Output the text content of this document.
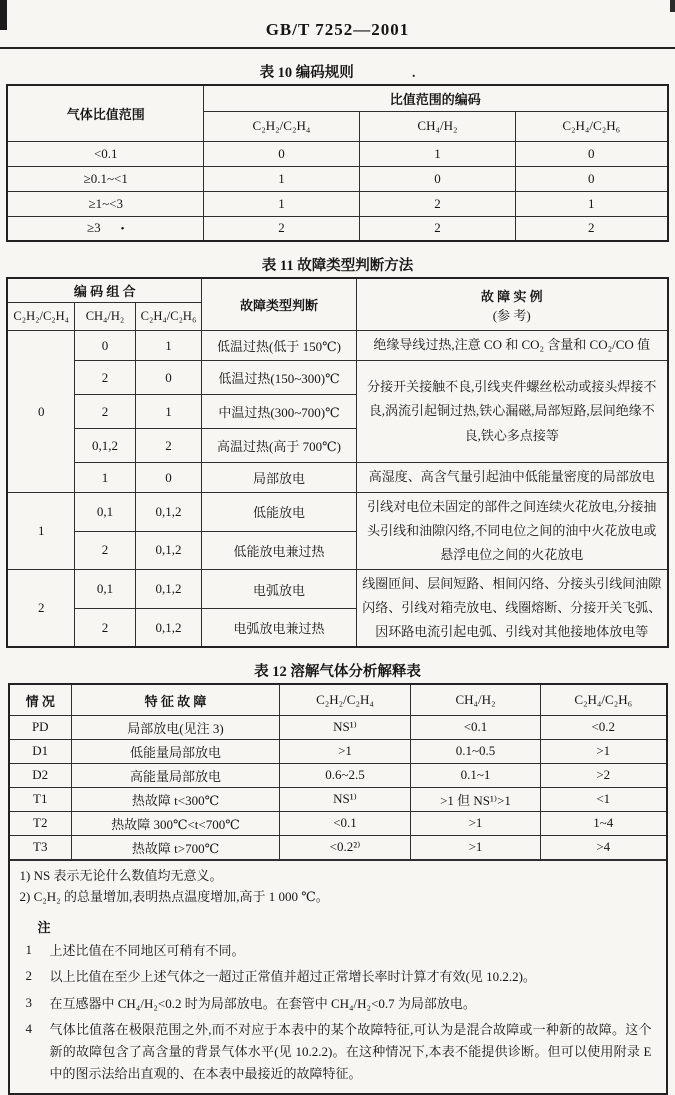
GB/T 7252—2001
表 10 编码规则	.
气体比值范围	比值范围的编码		
	C₂H₂/C₂H₄	CH₄/H₂	C₂H₄/C₂H₆
<0.1	0	1	0
≥0.1~<1	1	0	0
≥1~<3	1	2	1
≥3 •	2	2	2
表 11 故障类型判断方法
编 码 组 合			故障类型判断	故 障 实 例
(参 考)

C₂H₂/C₂H₄	CH₄/H₂	C₂H₄/C₂H₆		
0	0	1	低温过热(低于 150℃)	绝缘导线过热,注意 CO 和 CO₂ 含量和 CO₂/CO 值
	2	0	低温过热(150~300)℃	分接开关接触不良,引线夹件螺丝松动或接头焊接不良,涡流引起铜过热,铁心漏磁,局部短路,层间绝缘不良,铁心多点接等
	2	1	中温过热(300~700)℃	
	0,1,2	2	高温过热(高于 700℃)	
	1	0	局部放电	高湿度、高含气量引起油中低能量密度的局部放电
1	0,1	0,1,2	低能放电	引线对电位未固定的部件之间连续火花放电,分接抽头引线和油隙闪络,不同电位之间的油中火花放电或悬浮电位之间的火花放电
	2	0,1,2	低能放电兼过热	
2	0,1	0,1,2	电弧放电	线圈匝间、层间短路、相间闪络、分接头引线间油隙闪络、引线对箱壳放电、线圈熔断、分接开关飞弧、因环路电流引起电弧、引线对其他接地体放电等
	2	0,1,2	电弧放电兼过热	
表 12 溶解气体分析解释表
情 况	特 征 故 障	C₂H₂/C₂H₄	CH₄/H₂	C₂H₄/C₂H₆
PD	局部放电(见注 3)	NS¹⁾	<0.1	<0.2
D1	低能量局部放电	>1	0.1~0.5	>1
D2	高能量局部放电	0.6~2.5	0.1~1	>2
T1	热故障 t<300℃	NS¹⁾	>1 但 NS¹⁾>1	<1
T2	热故障 300℃<t<700℃	<0.1	>1	1~4
T3	热故障 t>700℃	<0.2²⁾	>1	>4
1) NS 表示无论什么数值均无意义。
2) C₂H₂ 的总量增加,表明热点温度增加,高于 1 000 ℃。
注
1	上述比值在不同地区可稍有不同。
2	以上比值在至少上述气体之一超过正常值并超过正常增长率时计算才有效(见 10.2.2)。
3	在互感器中 CH₄/H₂<0.2 时为局部放电。在套管中 CH₄/H₂<0.7 为局部放电。
4	气体比值落在极限范围之外,而不对应于本表中的某个故障特征,可认为是混合故障或一种新的故障。这个新的故障包含了高含量的背景气体水平(见 10.2.2)。在这种情况下,本表不能提供诊断。但可以使用附录 E 中的图示法给出直观的、在本表中最接近的故障特征。
